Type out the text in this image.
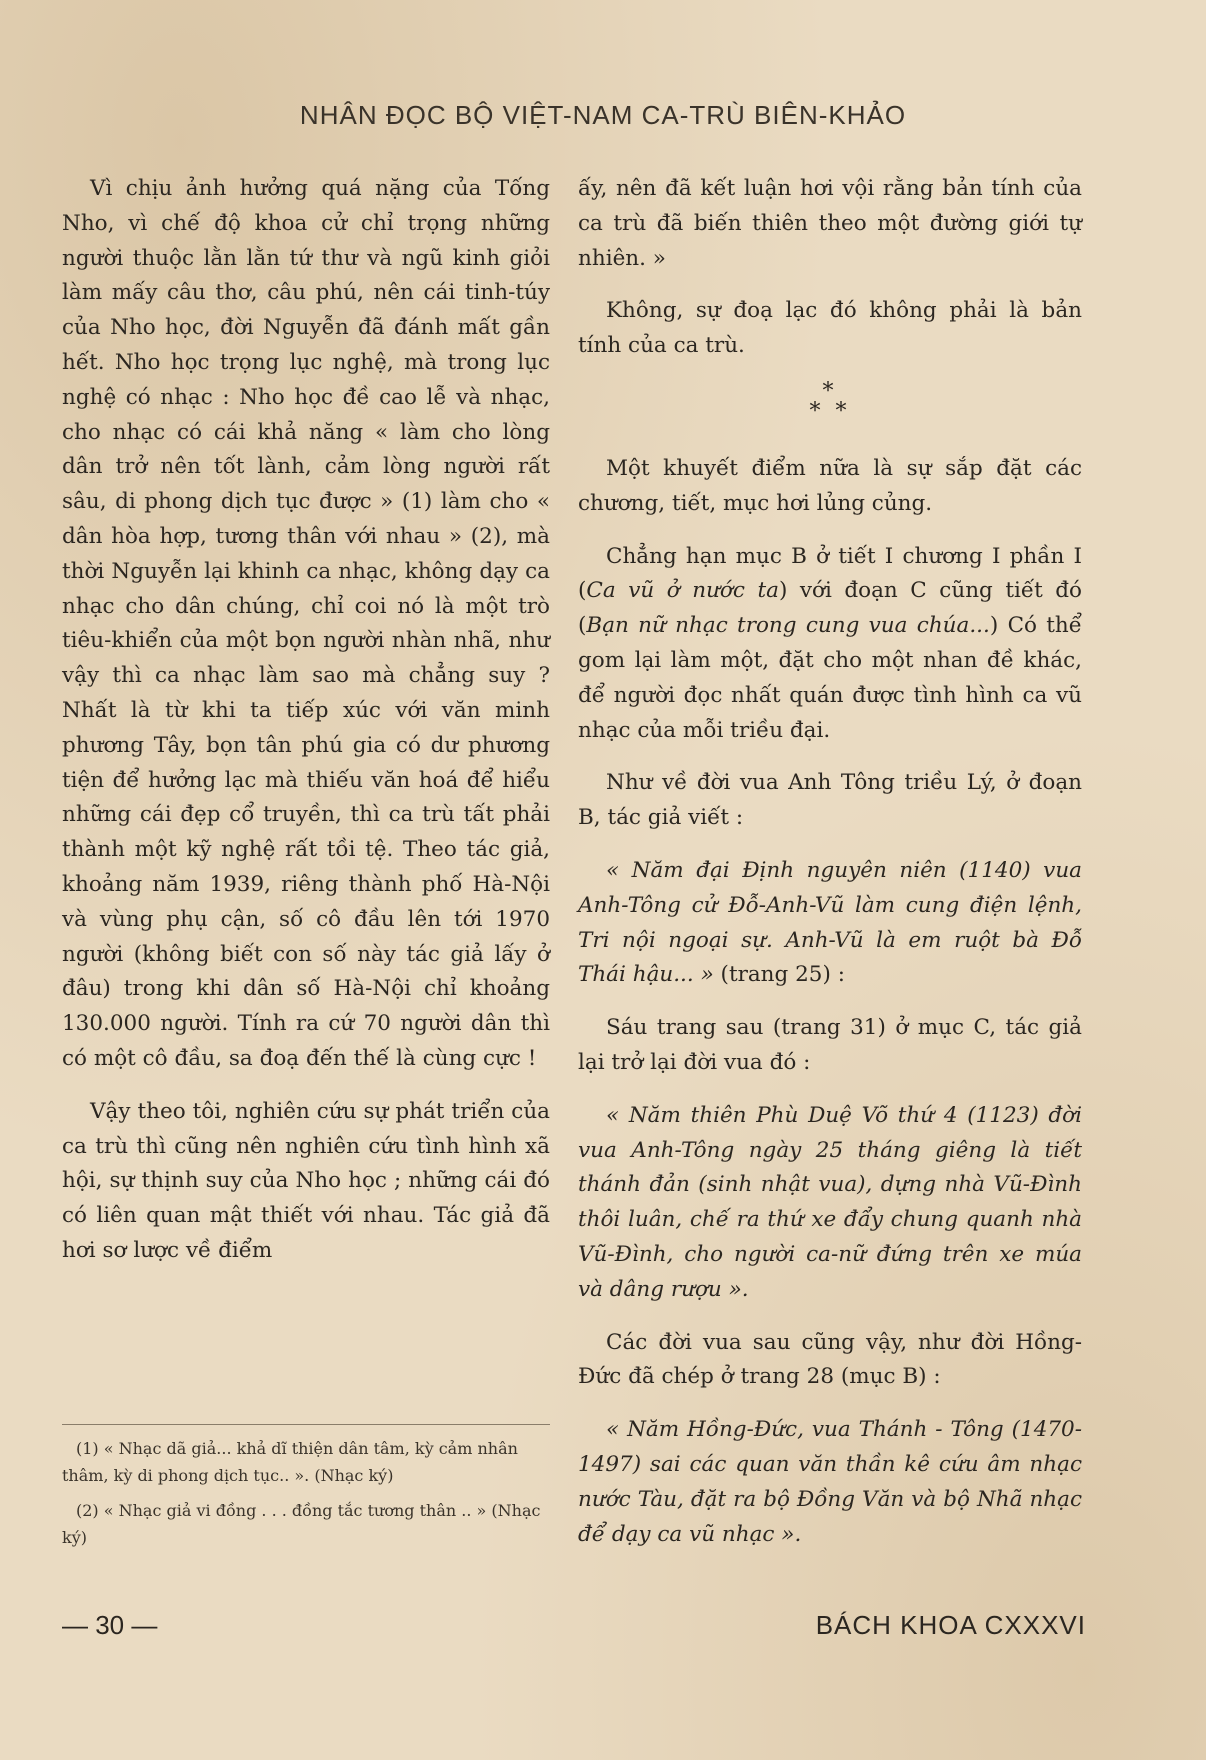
NHÂN ĐỌC BỘ VIỆT-NAM CA-TRÙ BIÊN-KHẢO

Vì chịu ảnh hưởng quá nặng của Tống Nho, vì chế độ khoa cử chỉ trọng những người thuộc lằn lằn tứ thư và ngũ kinh giỏi làm mấy câu thơ, câu phú, nên cái tinh-túy của Nho học, đời Nguyễn đã đánh mất gần hết. Nho học trọng lục nghệ, mà trong lục nghệ có nhạc : Nho học đề cao lễ và nhạc, cho nhạc có cái khả năng « làm cho lòng dân trở nên tốt lành, cảm lòng người rất sâu, di phong dịch tục được » (1) làm cho « dân hòa hợp, tương thân với nhau » (2), mà thời Nguyễn lại khinh ca nhạc, không dạy ca nhạc cho dân chúng, chỉ coi nó là một trò tiêu-khiển của một bọn người nhàn nhã, như vậy thì ca nhạc làm sao mà chẳng suy ? Nhất là từ khi ta tiếp xúc với văn minh phương Tây, bọn tân phú gia có dư phương tiện để hưởng lạc mà thiếu văn hoá để hiểu những cái đẹp cổ truyền, thì ca trù tất phải thành một kỹ nghệ rất tồi tệ. Theo tác giả, khoảng năm 1939, riêng thành phố Hà-Nội và vùng phụ cận, số cô đầu lên tới 1970 người (không biết con số này tác giả lấy ở đâu) trong khi dân số Hà-Nội chỉ khoảng 130.000 người. Tính ra cứ 70 người dân thì có một cô đầu, sa đoạ đến thế là cùng cực !

Vậy theo tôi, nghiên cứu sự phát triển của ca trù thì cũng nên nghiên cứu tình hình xã hội, sự thịnh suy của Nho học ; những cái đó có liên quan mật thiết với nhau. Tác giả đã hơi sơ lược về điểm

ấy, nên đã kết luận hơi vội rằng bản tính của ca trù đã biến thiên theo một đường giới tự nhiên. »

Không, sự đoạ lạc đó không phải là bản tính của ca trù.

*
* *

Một khuyết điểm nữa là sự sắp đặt các chương, tiết, mục hơi lủng củng.

Chẳng hạn mục B ở tiết I chương I phần I (Ca vũ ở nước ta) với đoạn C cũng tiết đó (Bạn nữ nhạc trong cung vua chúa...) Có thể gom lại làm một, đặt cho một nhan đề khác, để người đọc nhất quán được tình hình ca vũ nhạc của mỗi triều đại.

Như về đời vua Anh Tông triều Lý, ở đoạn B, tác giả viết :

« Năm đại Định nguyên niên (1140) vua Anh-Tông cử Đỗ-Anh-Vũ làm cung điện lệnh, Tri nội ngoại sự. Anh-Vũ là em ruột bà Đỗ Thái hậu... » (trang 25) :

Sáu trang sau (trang 31) ở mục C, tác giả lại trở lại đời vua đó :

« Năm thiên Phù Duệ Võ thứ 4 (1123) đời vua Anh-Tông ngày 25 tháng giêng là tiết thánh đản (sinh nhật vua), dựng nhà Vũ-Đình thôi luân, chế ra thứ xe đẩy chung quanh nhà Vũ-Đình, cho người ca-nữ đứng trên xe múa và dâng rượu ».

Các đời vua sau cũng vậy, như đời Hồng-Đức đã chép ở trang 28 (mục B) :

« Năm Hồng-Đức, vua Thánh - Tông (1470-1497) sai các quan văn thần kê cứu âm nhạc nước Tàu, đặt ra bộ Đồng Văn và bộ Nhã nhạc để dạy ca vũ nhạc ».

(1) « Nhạc dã giả... khả dĩ thiện dân tâm, kỳ cảm nhân thâm, kỳ di phong dịch tục.. ». (Nhạc ký)

(2) « Nhạc giả vi đồng . . . đồng tắc tương thân .. » (Nhạc ký)

— 30 —	BÁCH KHOA CXXXVI
